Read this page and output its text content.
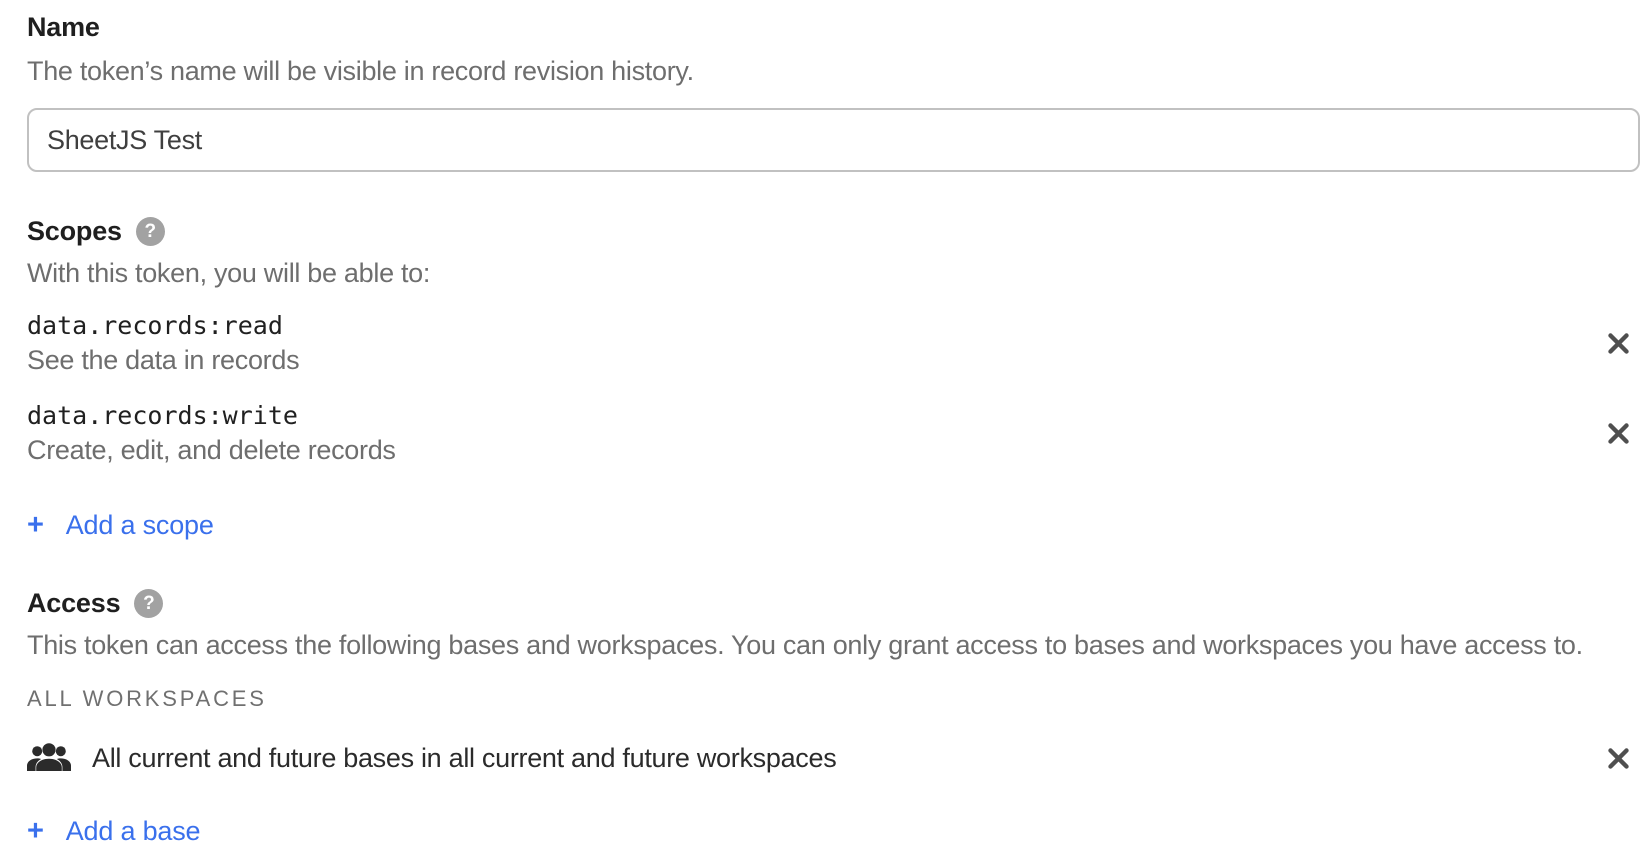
Name
The token’s name will be visible in record revision history.
SheetJS Test
Scopes	?
With this token, you will be able to:
data.records:read
See the data in records
data.records:write
Create, edit, and delete records
+ Add a scope
Access	?
This token can access the following bases and workspaces. You can only grant access to bases and workspaces you have access to.
ALL WORKSPACES
All current and future bases in all current and future workspaces
+ Add a base
